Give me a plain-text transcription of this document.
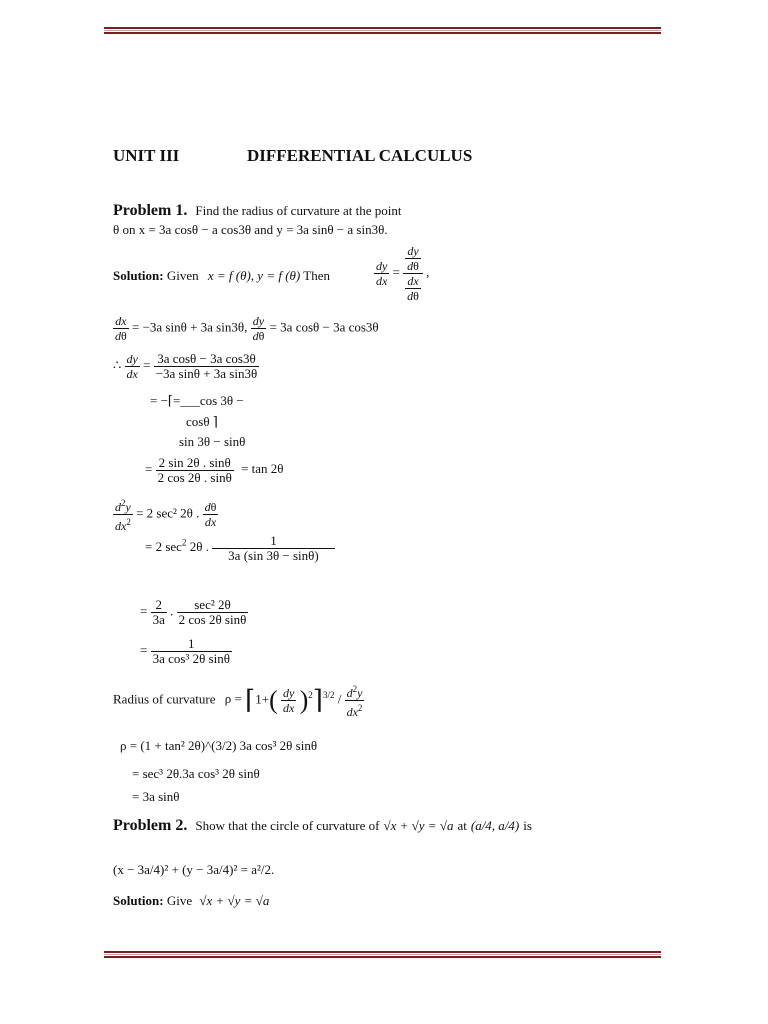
UNIT III	DIFFERENTIAL CALCULUS
Problem 1. Find the radius of curvature at the point
θ on x = 3a cosθ − a cos3θ and y = 3a sinθ − a sin3θ.
Solution: Given x = f (θ), y = f (θ) Then	$\frac{dy}{dx} = \frac{\frac{dy}{d\theta}}{\frac{dx}{d\theta}}$ ,
$\frac{dx}{d\theta} = -3a$ sinθ + 3a sin3θ, $\frac{dy}{d\theta} = 3a$ cosθ − 3a cos3θ
∴ $\frac{dy}{dx} = \frac{\text{3a cosθ − 3a cos3θ}}{\text{−3a sinθ + 3a sin3θ}}$
= −⌈=___cos 3θ −
cosθ ⌉
sin 3θ − sinθ
= $\frac{2 \sin 2\theta . \sin\theta}{2 \cos 2\theta . \sin\theta} = \tan 2\theta$
$\frac{d^2y}{dx^2} = 2$ sec² 2θ . $\frac{d\theta}{dx}$
= 2 $\sec^2 2\theta$ . $\frac{1}{3a (\sin 3\theta - \sin\theta)}$
= $\frac{2}{3a}$ . $\frac{\text{sec² 2θ}}{\text{2 cos 2θ sinθ}}$
= $\frac{1}{\text{3a cos³ 2θ sinθ}}$
Radius of curvature ρ = ⌈1+( $\frac{dy}{dx}$ )$^2$⌉$^{3/2}$ / $\frac{d^2y}{dx^2}$
ρ = (1 + tan² 2θ)^(3/2) 3a cos³ 2θ sinθ
= sec³ 2θ.3a cos³ 2θ sinθ
= 3a sinθ
Problem 2. Show that the circle of curvature of √x + √y = √a at (a/4, a/4) is
(x − 3a/4)² + (y − 3a/4)² = a²/2.
Solution: Give √x + √y = √a
